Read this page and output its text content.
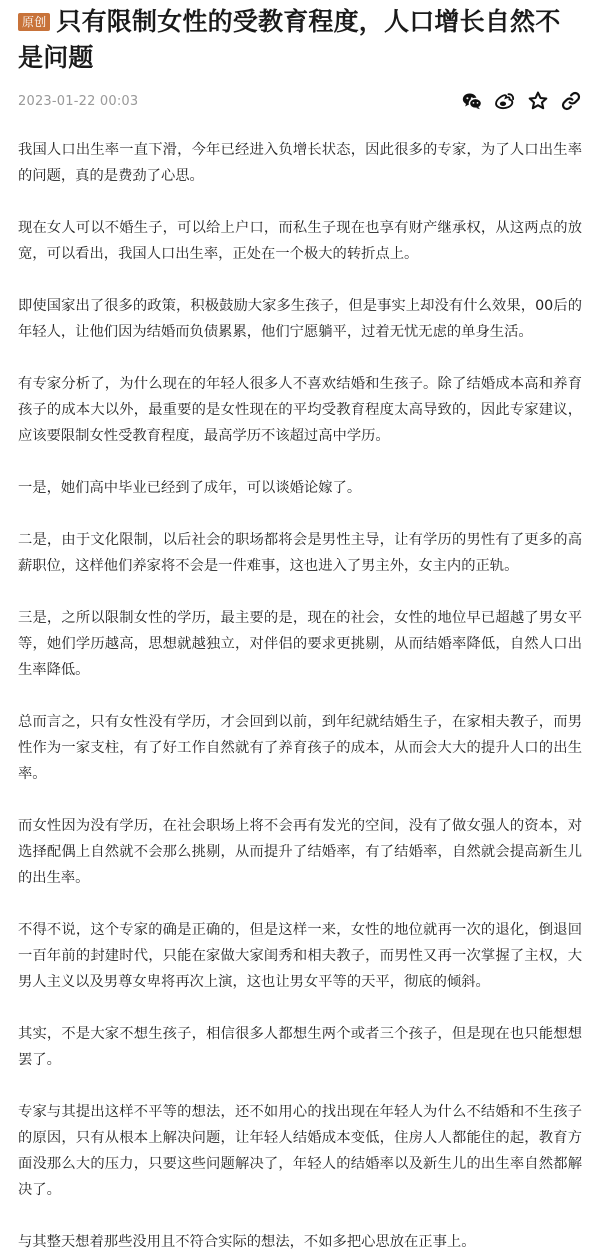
原创 只有限制女性的受教育程度，人口增长自然不是问题
2023-01-22 00:03

我国人口出生率一直下滑，今年已经进入负增长状态，因此很多的专家，为了人口出生率的问题，真的是费劲了心思。

现在女人可以不婚生子，可以给上户口，而私生子现在也享有财产继承权，从这两点的放宽，可以看出，我国人口出生率，正处在一个极大的转折点上。

即使国家出了很多的政策，积极鼓励大家多生孩子，但是事实上却没有什么效果，00后的年轻人，让他们因为结婚而负债累累，他们宁愿躺平，过着无忧无虑的单身生活。

有专家分析了，为什么现在的年轻人很多人不喜欢结婚和生孩子。除了结婚成本高和养育孩子的成本大以外，最重要的是女性现在的平均受教育程度太高导致的，因此专家建议，应该要限制女性受教育程度，最高学历不该超过高中学历。

一是，她们高中毕业已经到了成年，可以谈婚论嫁了。

二是，由于文化限制，以后社会的职场都将会是男性主导，让有学历的男性有了更多的高薪职位，这样他们养家将不会是一件难事，这也进入了男主外，女主内的正轨。

三是，之所以限制女性的学历，最主要的是，现在的社会，女性的地位早已超越了男女平等，她们学历越高，思想就越独立，对伴侣的要求更挑剔，从而结婚率降低，自然人口出生率降低。

总而言之，只有女性没有学历，才会回到以前，到年纪就结婚生子，在家相夫教子，而男性作为一家支柱，有了好工作自然就有了养育孩子的成本，从而会大大的提升人口的出生率。

而女性因为没有学历，在社会职场上将不会再有发光的空间，没有了做女强人的资本，对选择配偶上自然就不会那么挑剔，从而提升了结婚率，有了结婚率，自然就会提高新生儿的出生率。

不得不说，这个专家的确是正确的，但是这样一来，女性的地位就再一次的退化，倒退回一百年前的封建时代，只能在家做大家闺秀和相夫教子，而男性又再一次掌握了主权，大男人主义以及男尊女卑将再次上演，这也让男女平等的天平，彻底的倾斜。

其实，不是大家不想生孩子，相信很多人都想生两个或者三个孩子，但是现在也只能想想罢了。

专家与其提出这样不平等的想法，还不如用心的找出现在年轻人为什么不结婚和不生孩子的原因，只有从根本上解决问题，让年轻人结婚成本变低，住房人人都能住的起，教育方面没那么大的压力，只要这些问题解决了，年轻人的结婚率以及新生儿的出生率自然都解决了。

与其整天想着那些没用且不符合实际的想法，不如多把心思放在正事上。
